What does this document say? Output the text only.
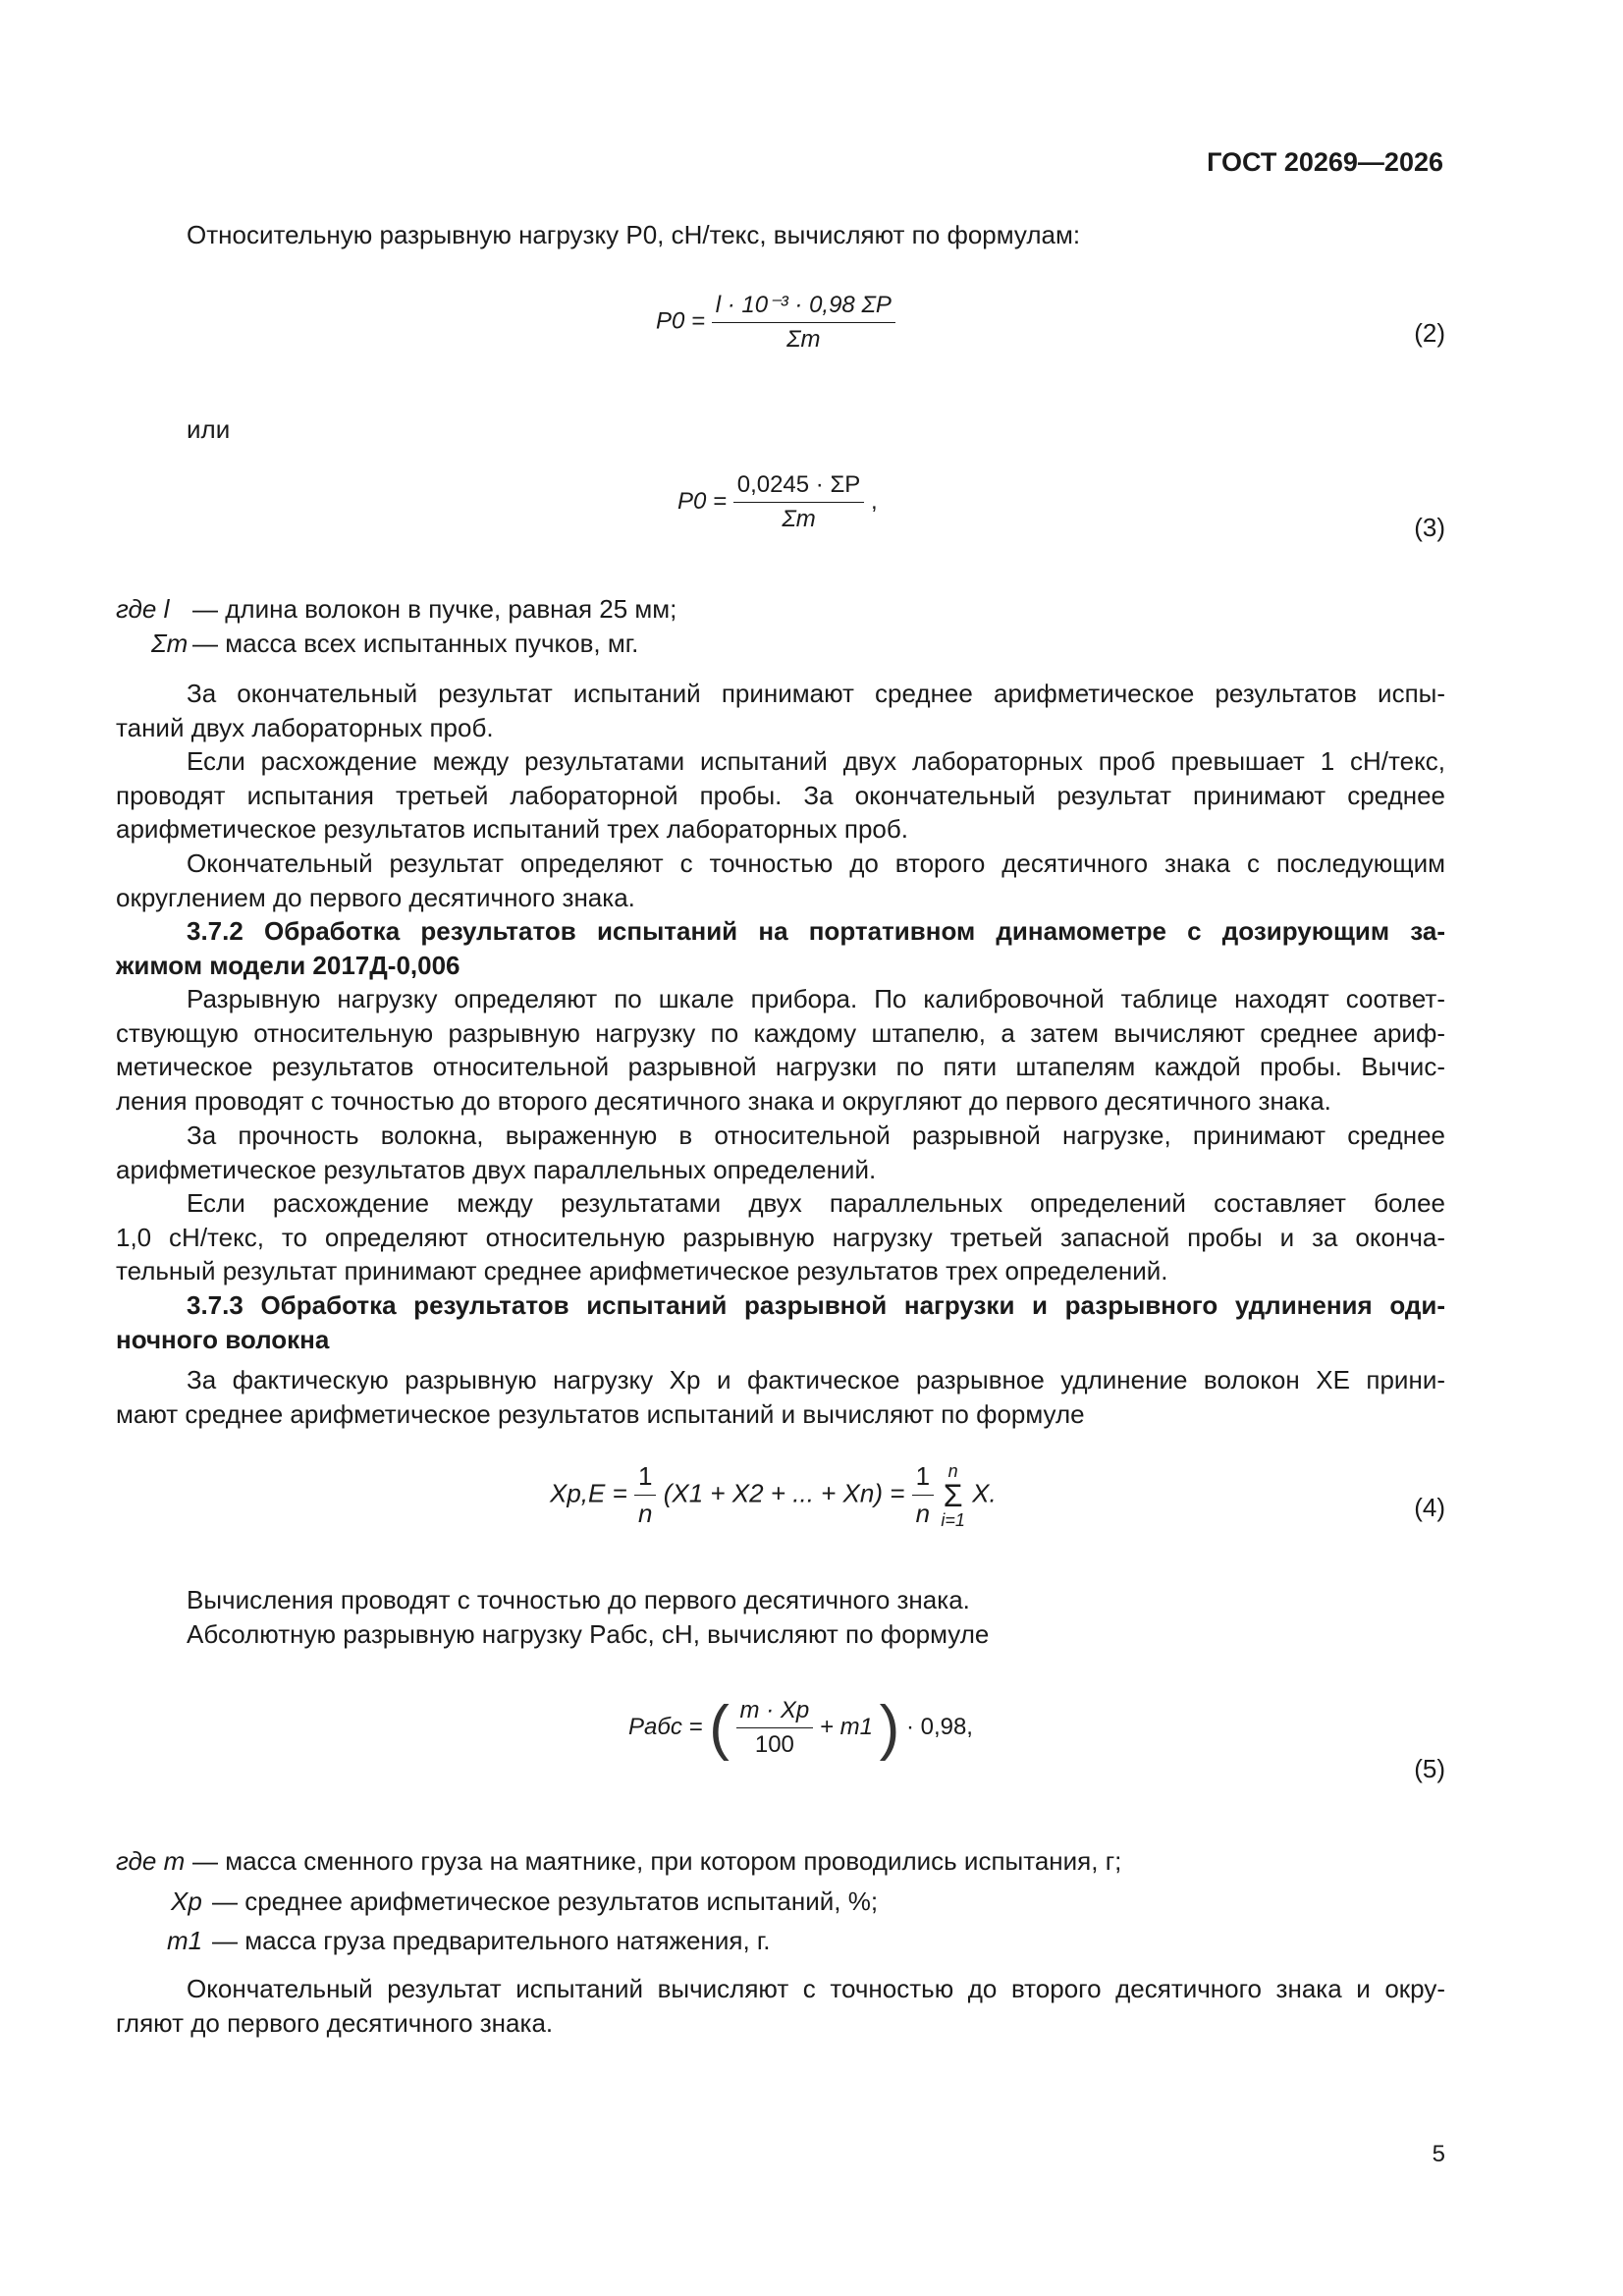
ГОСТ 20269—2026
Относительную разрывную нагрузку P0, сН/текс, вычисляют по формулам:
$P0 = \frac{\text{l · 10⁻³ · 0,98 ΣP}}{\Sigma m}$	(2)
или
$P0 = \frac{0,0245 \cdot \Sigma P}{\Sigma m}$ ,
(3)
где l — длина волокон в пучке, равная 25 мм;
Σm — масса всех испытанных пучков, мг.
За окончательный результат испытаний принимают среднее арифметическое результатов испы-
таний двух лабораторных проб.
Если расхождение между результатами испытаний двух лабораторных проб превышает 1 сН/текс,
проводят испытания третьей лабораторной пробы. За окончательный результат принимают среднее
арифметическое результатов испытаний трех лабораторных проб.
Окончательный результат определяют с точностью до второго десятичного знака с последующим
округлением до первого десятичного знака.
3.7.2 Обработка результатов испытаний на портативном динамометре с дозирующим за-
жимом модели 2017Д-0,006
Разрывную нагрузку определяют по шкале прибора. По калибровочной таблице находят соответ-
ствующую относительную разрывную нагрузку по каждому штапелю, а затем вычисляют среднее ариф-
метическое результатов относительной разрывной нагрузки по пяти штапелям каждой пробы. Вычис-
ления проводят с точностью до второго десятичного знака и округляют до первого десятичного знака.
За прочность волокна, выраженную в относительной разрывной нагрузке, принимают среднее
арифметическое результатов двух параллельных определений.
Если расхождение между результатами двух параллельных определений составляет более
1,0 сН/текс, то определяют относительную разрывную нагрузку третьей запасной пробы и за оконча-
тельный результат принимают среднее арифметическое результатов трех определений.
3.7.3 Обработка результатов испытаний разрывной нагрузки и разрывного удлинения оди-
ночного волокна
За фактическую разрывную нагрузку Xp и фактическое разрывное удлинение волокон XE прини-
мают среднее арифметическое результатов испытаний и вычисляют по формуле
$Xp,E = \frac{1}{n} (X1 + X2$ + ... + $Xn) = \frac{1}{n}$
n
Σ
i=1
X.	(4)
Вычисления проводят с точностью до первого десятичного знака.
Абсолютную разрывную нагрузку Pабс, сН, вычисляют по формуле
Pабс = ( $\frac{m \cdot Xp}{100} + m1$ ) · 0,98,
(5)
где m — масса сменного груза на маятнике, при котором проводились испытания, г;
Xp — среднее арифметическое результатов испытаний, %;
m1 — масса груза предварительного натяжения, г.
Окончательный результат испытаний вычисляют с точностью до второго десятичного знака и окру-
гляют до первого десятичного знака.
5
